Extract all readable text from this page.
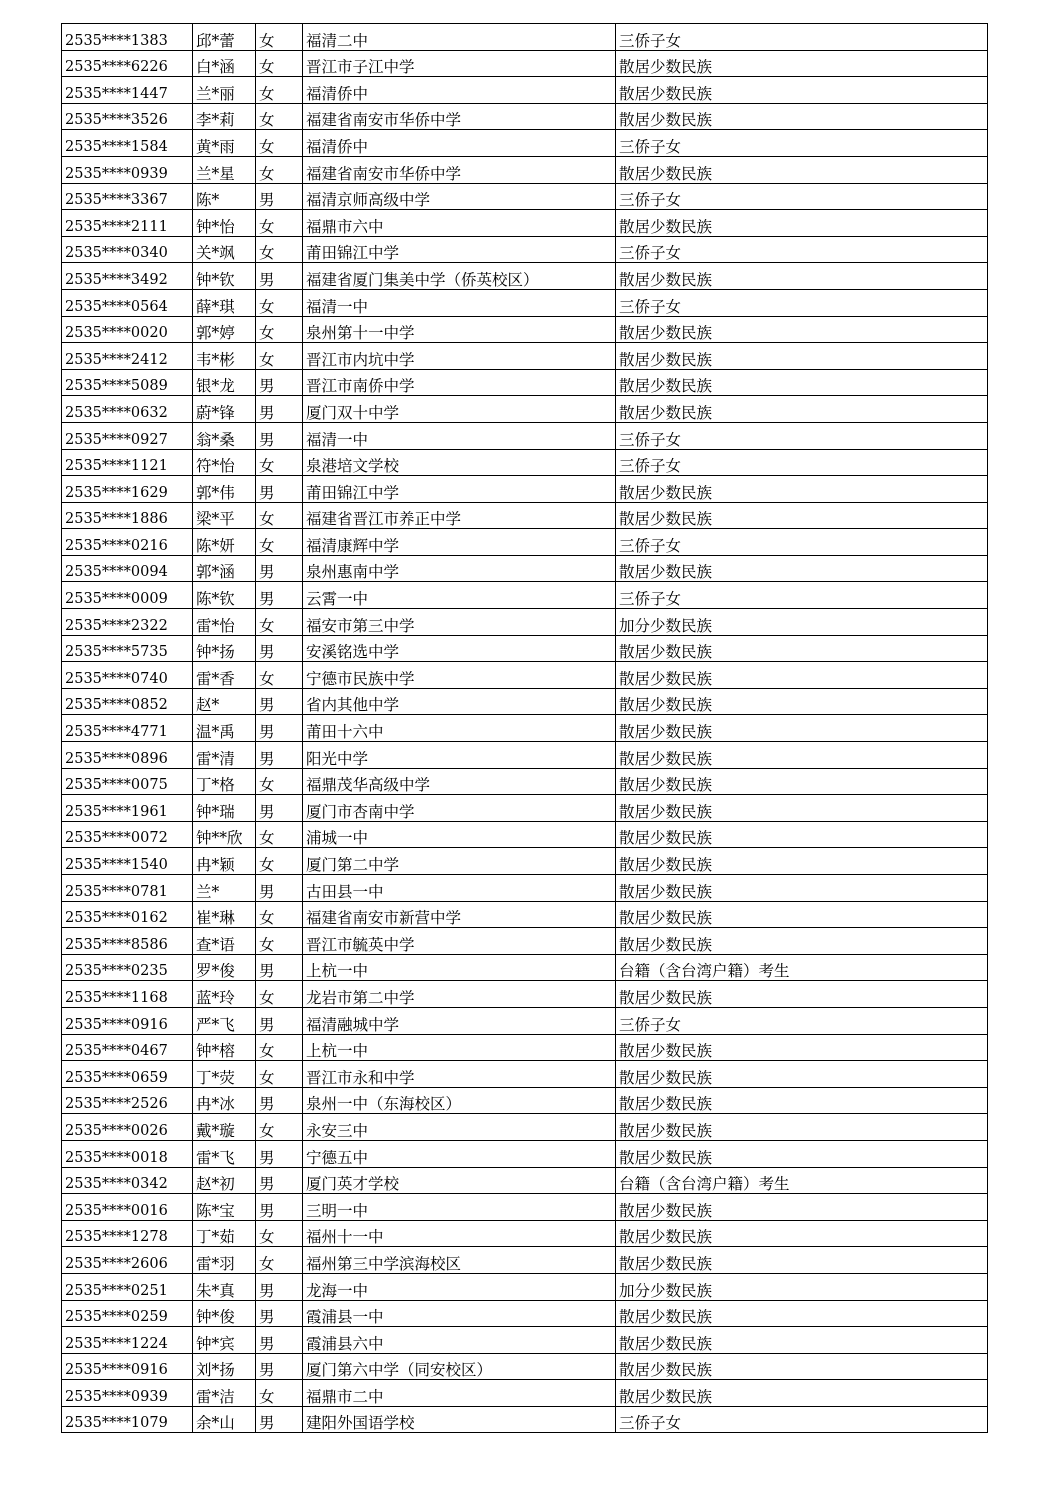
2535****1383	邱*蕾	女	福清二中	三侨子女
2535****6226	白*涵	女	晋江市子江中学	散居少数民族
2535****1447	兰*丽	女	福清侨中	散居少数民族
2535****3526	李*莉	女	福建省南安市华侨中学	散居少数民族
2535****1584	黄*雨	女	福清侨中	三侨子女
2535****0939	兰*星	女	福建省南安市华侨中学	散居少数民族
2535****3367	陈*	男	福清京师高级中学	三侨子女
2535****2111	钟*怡	女	福鼎市六中	散居少数民族
2535****0340	关*飒	女	莆田锦江中学	三侨子女
2535****3492	钟*钦	男	福建省厦门集美中学（侨英校区）	散居少数民族
2535****0564	薛*琪	女	福清一中	三侨子女
2535****0020	郭*婷	女	泉州第十一中学	散居少数民族
2535****2412	韦*彬	女	晋江市内坑中学	散居少数民族
2535****5089	银*龙	男	晋江市南侨中学	散居少数民族
2535****0632	蔚*锋	男	厦门双十中学	散居少数民族
2535****0927	翁*桑	男	福清一中	三侨子女
2535****1121	符*怡	女	泉港培文学校	三侨子女
2535****1629	郭*伟	男	莆田锦江中学	散居少数民族
2535****1886	梁*平	女	福建省晋江市养正中学	散居少数民族
2535****0216	陈*妍	女	福清康辉中学	三侨子女
2535****0094	郭*涵	男	泉州惠南中学	散居少数民族
2535****0009	陈*钦	男	云霄一中	三侨子女
2535****2322	雷*怡	女	福安市第三中学	加分少数民族
2535****5735	钟*扬	男	安溪铭选中学	散居少数民族
2535****0740	雷*香	女	宁德市民族中学	散居少数民族
2535****0852	赵*	男	省内其他中学	散居少数民族
2535****4771	温*禹	男	莆田十六中	散居少数民族
2535****0896	雷*清	男	阳光中学	散居少数民族
2535****0075	丁*格	女	福鼎茂华高级中学	散居少数民族
2535****1961	钟*瑞	男	厦门市杏南中学	散居少数民族
2535****0072	钟**欣	女	浦城一中	散居少数民族
2535****1540	冉*颖	女	厦门第二中学	散居少数民族
2535****0781	兰*	男	古田县一中	散居少数民族
2535****0162	崔*琳	女	福建省南安市新营中学	散居少数民族
2535****8586	查*语	女	晋江市毓英中学	散居少数民族
2535****0235	罗*俊	男	上杭一中	台籍（含台湾户籍）考生
2535****1168	蓝*玲	女	龙岩市第二中学	散居少数民族
2535****0916	严*飞	男	福清融城中学	三侨子女
2535****0467	钟*榕	女	上杭一中	散居少数民族
2535****0659	丁*荧	女	晋江市永和中学	散居少数民族
2535****2526	冉*冰	男	泉州一中（东海校区）	散居少数民族
2535****0026	戴*璇	女	永安三中	散居少数民族
2535****0018	雷*飞	男	宁德五中	散居少数民族
2535****0342	赵*初	男	厦门英才学校	台籍（含台湾户籍）考生
2535****0016	陈*宝	男	三明一中	散居少数民族
2535****1278	丁*茹	女	福州十一中	散居少数民族
2535****2606	雷*羽	女	福州第三中学滨海校区	散居少数民族
2535****0251	朱*真	男	龙海一中	加分少数民族
2535****0259	钟*俊	男	霞浦县一中	散居少数民族
2535****1224	钟*宾	男	霞浦县六中	散居少数民族
2535****0916	刘*扬	男	厦门第六中学（同安校区）	散居少数民族
2535****0939	雷*洁	女	福鼎市二中	散居少数民族
2535****1079	余*山	男	建阳外国语学校	三侨子女
